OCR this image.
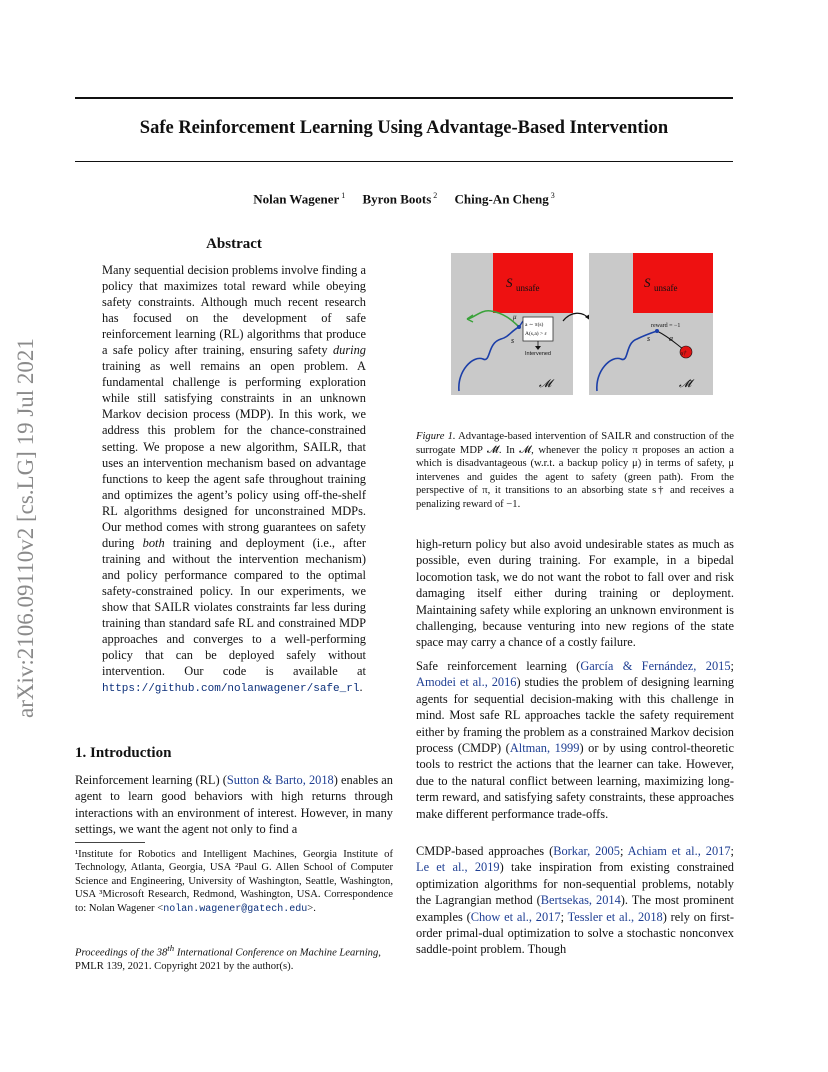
arXiv:2106.09110v2 [cs.LG] 19 Jul 2021
Safe Reinforcement Learning Using Advantage-Based Intervention
Nolan Wagener $^1$ Byron Boots $^2$ Ching-An Cheng $^3$
Abstract
Many sequential decision problems involve finding a policy that maximizes total reward while obeying safety constraints. Although much recent research has focused on the development of safe reinforcement learning (RL) algorithms that produce a safe policy after training, ensuring safety during training as well remains an open problem. A fundamental challenge is performing exploration while still satisfying constraints in an unknown Markov decision process (MDP). In this work, we address this problem for the chance-constrained setting. We propose a new algorithm, SAILR, that uses an intervention mechanism based on advantage functions to keep the agent safe throughout training and optimizes the agent’s policy using off-the-shelf RL algorithms designed for unconstrained MDPs. Our method comes with strong guarantees on safety during both training and deployment (i.e., after training and without the intervention mechanism) and policy performance compared to the optimal safety-constrained policy. In our experiments, we show that SAILR violates constraints far less during training than standard safe RL and constrained MDP approaches and converges to a well-performing policy that can be deployed safely without intervention. Our code is available at https://github.com/nolanwagener/safe_rl.
1. Introduction
Reinforcement learning (RL) (Sutton & Barto, 2018) enables an agent to learn good behaviors with high returns through interactions with an environment of interest. However, in many settings, we want the agent not only to find a
¹Institute for Robotics and Intelligent Machines, Georgia Institute of Technology, Atlanta, Georgia, USA ²Paul G. Allen School of Computer Science and Engineering, University of Washington, Seattle, Washington, USA ³Microsoft Research, Redmond, Washington, USA. Correspondence to: Nolan Wagener <nolan.wagener@gatech.edu>.
Proceedings of the 38th International Conference on Machine Learning, PMLR 139, 2021. Copyright 2021 by the author(s).
S unsafe
a ∼ π(s)
A(s,a) > ε
Intervened
s
μ
𝓜
S unsafe
reward = −1
s a
s†
𝓜̃
Figure 1. Advantage-based intervention of SAILR and construction of the surrogate MDP 𝓜̃. In 𝓜, whenever the policy π proposes an action a which is disadvantageous (w.r.t. a backup policy μ) in terms of safety, μ intervenes and guides the agent to safety (green path). From the perspective of π, it transitions to an absorbing state s† and receives a penalizing reward of −1.

high-return policy but also avoid undesirable states as much as possible, even during training. For example, in a bipedal locomotion task, we do not want the robot to fall over and risk damaging itself either during training or deployment. Maintaining safety while exploring an unknown environment is challenging, because venturing into new regions of the state space may carry a chance of a costly failure.

Safe reinforcement learning (García & Fernández, 2015; Amodei et al., 2016) studies the problem of designing learning agents for sequential decision-making with this challenge in mind. Most safe RL approaches tackle the safety requirement either by framing the problem as a constrained Markov decision process (CMDP) (Altman, 1999) or by using control-theoretic tools to restrict the actions that the learner can take. However, due to the natural conflict between learning, maximizing long-term reward, and satisfying safety constraints, these approaches make different performance trade-offs.
CMDP-based approaches (Borkar, 2005; Achiam et al., 2017; Le et al., 2019) take inspiration from existing constrained optimization algorithms for non-sequential problems, notably the Lagrangian method (Bertsekas, 2014). The most prominent examples (Chow et al., 2017; Tessler et al., 2018) rely on first-order primal-dual optimization to solve a stochastic nonconvex saddle-point problem. Though
